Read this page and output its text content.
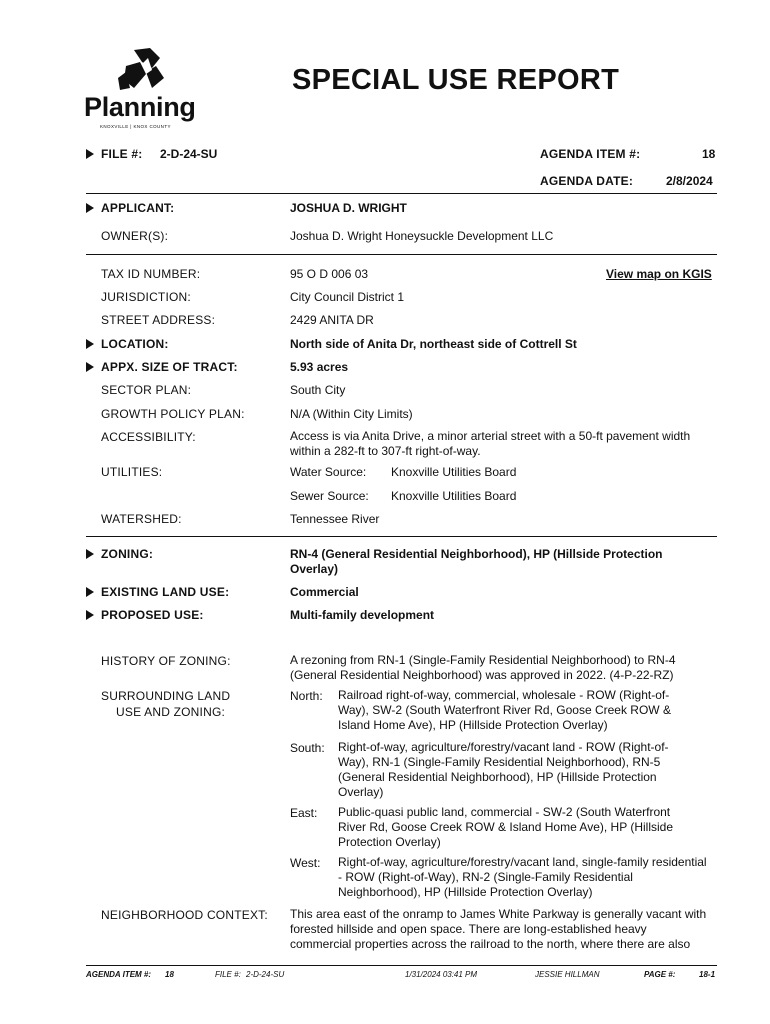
Planning
KNOXVILLE | KNOX COUNTY
SPECIAL USE REPORT
FILE #: 2-D-24-SU	AGENDA ITEM #:	18
AGENDA DATE:	2/8/2024
APPLICANT:	JOSHUA D. WRIGHT
OWNER(S):	Joshua D. Wright Honeysuckle Development LLC
TAX ID NUMBER:	95 O D 006 03	View map on KGIS
JURISDICTION:	City Council District 1
STREET ADDRESS:	2429 ANITA DR
LOCATION:	North side of Anita Dr, northeast side of Cottrell St
APPX. SIZE OF TRACT:	5.93 acres
SECTOR PLAN:	South City
GROWTH POLICY PLAN:	N/A (Within City Limits)
ACCESSIBILITY:	Access is via Anita Drive, a minor arterial street with a 50-ft pavement width within a 282-ft to 307-ft right-of-way.
UTILITIES:	Water Source: Knoxville Utilities Board
Sewer Source: Knoxville Utilities Board
WATERSHED:	Tennessee River
ZONING:	RN-4 (General Residential Neighborhood), HP (Hillside Protection Overlay)
EXISTING LAND USE:	Commercial
PROPOSED USE:	Multi-family development
HISTORY OF ZONING:	A rezoning from RN-1 (Single-Family Residential Neighborhood) to RN-4 (General Residential Neighborhood) was approved in 2022. (4-P-22-RZ)
SURROUNDING LAND
USE AND ZONING:
North: Railroad right-of-way, commercial, wholesale - ROW (Right-of-Way), SW-2 (South Waterfront River Rd, Goose Creek ROW & Island Home Ave), HP (Hillside Protection Overlay)
South: Right-of-way, agriculture/forestry/vacant land - ROW (Right-of-Way), RN-1 (Single-Family Residential Neighborhood), RN-5 (General Residential Neighborhood), HP (Hillside Protection Overlay)
East: Public-quasi public land, commercial - SW-2 (South Waterfront River Rd, Goose Creek ROW & Island Home Ave), HP (Hillside Protection Overlay)
West: Right-of-way, agriculture/forestry/vacant land, single-family residential - ROW (Right-of-Way), RN-2 (Single-Family Residential Neighborhood), HP (Hillside Protection Overlay)
NEIGHBORHOOD CONTEXT: This area east of the onramp to James White Parkway is generally vacant with forested hillside and open space. There are long-established heavy commercial properties across the railroad to the north, where there are also
AGENDA ITEM #: 18	FILE #: 2-D-24-SU	1/31/2024 03:41 PM	JESSIE HILLMAN	PAGE #:	18-1
